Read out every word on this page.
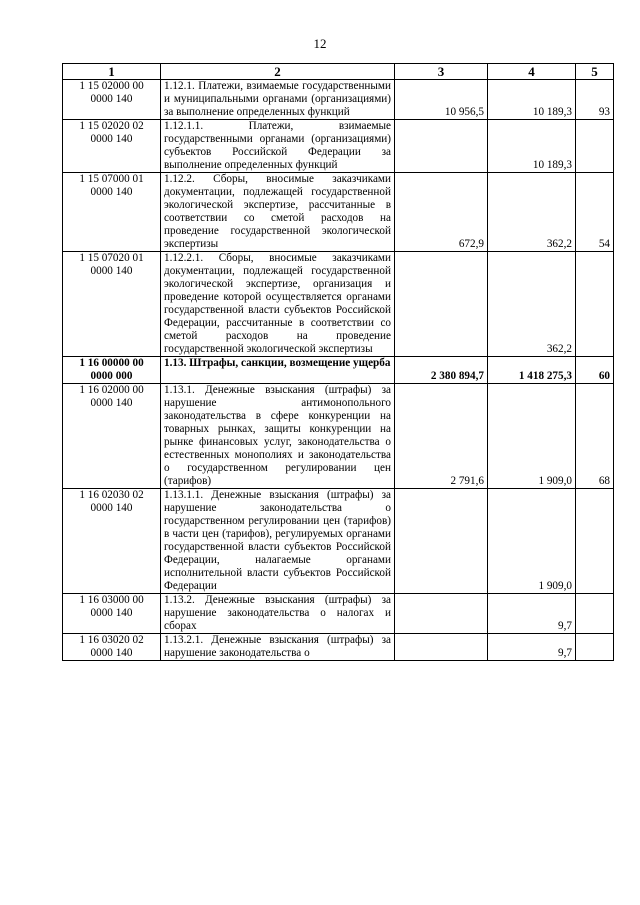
12
1	2	3	4	5
1 15 02000 00
0000 140	1.12.1. Платежи, взимаемые государственными и муниципальными органами (организациями) за выполнение определенных функций	10 956,5	10 189,3	93
1 15 02020 02
0000 140	1.12.1.1. Платежи, взимаемые государственными органами (организациями) субъектов Российской Федерации за выполнение определенных функций		10 189,3	
1 15 07000 01
0000 140	1.12.2. Сборы, вносимые заказчиками документации, подлежащей государственной экологической экспертизе, рассчитанные в соответствии со сметой расходов на проведение государственной экологической экспертизы	672,9	362,2	54
1 15 07020 01
0000 140	1.12.2.1. Сборы, вносимые заказчиками документации, подлежащей государственной экологической экспертизе, организация и проведение которой осуществляется органами государственной власти субъектов Российской Федерации, рассчитанные в соответствии со сметой расходов на проведение государственной экологической экспертизы		362,2	
1 16 00000 00
0000 000	1.13. Штрафы, санкции, возмещение ущерба	2 380 894,7	1 418 275,3	60
1 16 02000 00
0000 140	1.13.1. Денежные взыскания (штрафы) за нарушение антимонопольного законодательства в сфере конкуренции на товарных рынках, защиты конкуренции на рынке финансовых услуг, законодательства о естественных монополиях и законодательства о государственном регулировании цен (тарифов)	2 791,6	1 909,0	68
1 16 02030 02
0000 140	1.13.1.1. Денежные взыскания (штрафы) за нарушение законодательства о государственном регулировании цен (тарифов) в части цен (тарифов), регулируемых органами государственной власти субъектов Российской Федерации, налагаемые органами исполнительной власти субъектов Российской Федерации		1 909,0	
1 16 03000 00
0000 140	1.13.2. Денежные взыскания (штрафы) за нарушение законодательства о налогах и сборах		9,7	
1 16 03020 02
0000 140	1.13.2.1. Денежные взыскания (штрафы) за нарушение законодательства о		9,7	
